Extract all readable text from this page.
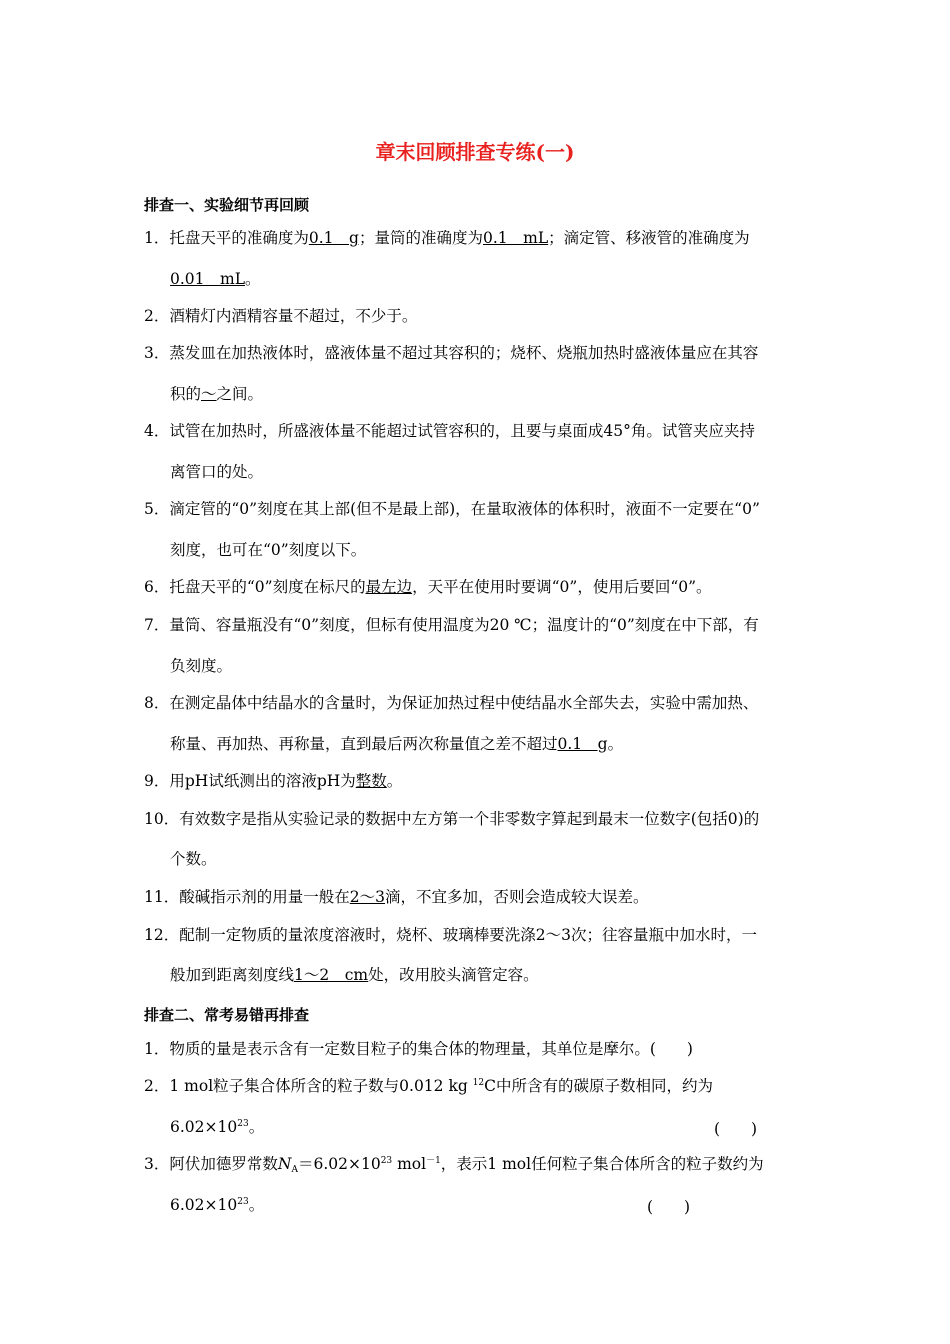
章末回顾排查专练(一)
排查一、实验细节再回顾
1．托盘天平的准确度为0.1　g；量筒的准确度为0.1　mL；滴定管、移液管的准确度为
0.01　mL。
2．酒精灯内酒精容量不超过，不少于。
3．蒸发皿在加热液体时，盛液体量不超过其容积的；烧杯、烧瓶加热时盛液体量应在其容
积的～之间。
4．试管在加热时，所盛液体量不能超过试管容积的，且要与桌面成45°角。试管夹应夹持
离管口的处。
5．滴定管的“0”刻度在其上部(但不是最上部)，在量取液体的体积时，液面不一定要在“0”
刻度，也可在“0”刻度以下。
6．托盘天平的“0”刻度在标尺的最左边，天平在使用时要调“0”，使用后要回“0”。
7．量筒、容量瓶没有“0”刻度，但标有使用温度为20 ℃；温度计的“0”刻度在中下部，有
负刻度。
8．在测定晶体中结晶水的含量时，为保证加热过程中使结晶水全部失去，实验中需加热、
称量、再加热、再称量，直到最后两次称量值之差不超过0.1　g。
9．用pH试纸测出的溶液pH为整数。
10．有效数字是指从实验记录的数据中左方第一个非零数字算起到最末一位数字(包括0)的
个数。
11．酸碱指示剂的用量一般在2～3滴，不宜多加，否则会造成较大误差。
12．配制一定物质的量浓度溶液时，烧杯、玻璃棒要洗涤2～3次；往容量瓶中加水时，一
般加到距离刻度线1～2　cm处，改用胶头滴管定容。
排查二、常考易错再排查
1．物质的量是表示含有一定数目粒子的集合体的物理量，其单位是摩尔。(　　)
2．1 mol粒子集合体所含的粒子数与0.012 kg $^{12}$C中所含有的碳原子数相同，约为
$6.02\times 10^{23}$。	(　　)
3．阿伏加德罗常数$N_A=6.02\times 10^{23}$ mol$^{-1}$，表示1 mol任何粒子集合体所含的粒子数约为
$6.02\times 10^{23}$。	(　　)
